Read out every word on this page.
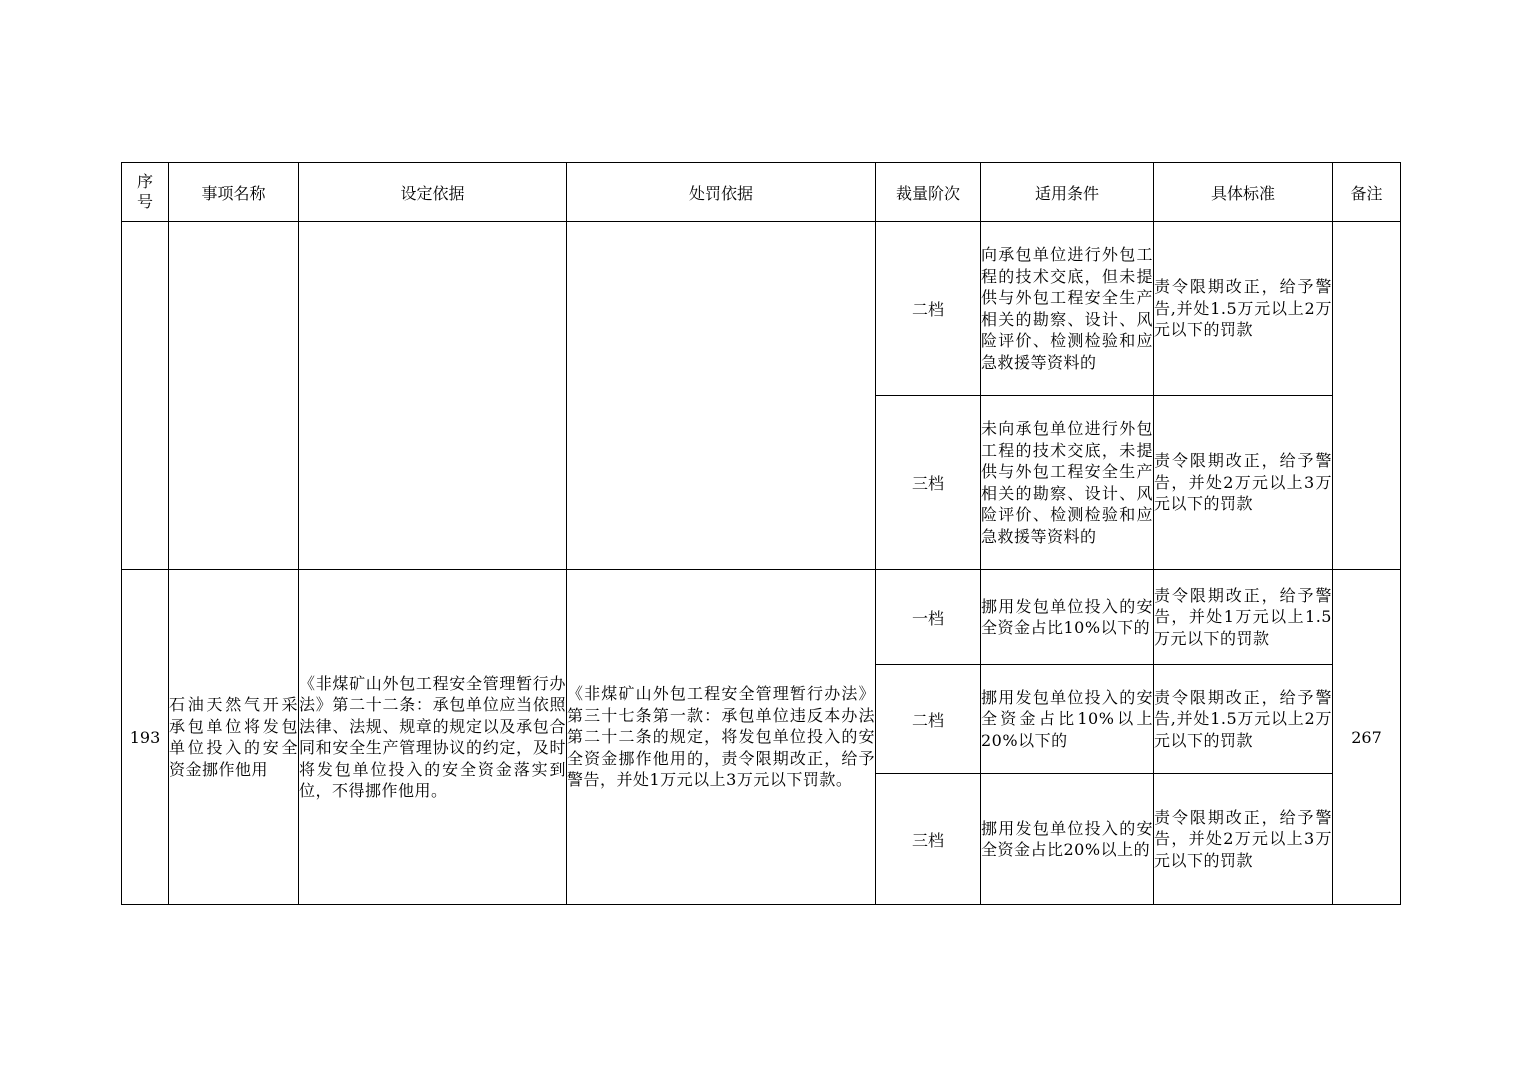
序号	事项名称	设定依据	处罚依据	裁量阶次	适用条件	具体标准	备注
				二档	向承包单位进行外包工程的技术交底，但未提供与外包工程安全生产相关的勘察、设计、风险评价、检测检验和应急救援等资料的	责令限期改正，给予警告,并处1.5万元以上2万元以下的罚款	
				三档	未向承包单位进行外包工程的技术交底，未提供与外包工程安全生产相关的勘察、设计、风险评价、检测检验和应急救援等资料的	责令限期改正，给予警告，并处2万元以上3万元以下的罚款	
193	石油天然气开采承包单位将发包单位投入的安全资金挪作他用	《非煤矿山外包工程安全管理暂行办法》第二十二条：承包单位应当依照法律、法规、规章的规定以及承包合同和安全生产管理协议的约定，及时将发包单位投入的安全资金落实到位，不得挪作他用。	《非煤矿山外包工程安全管理暂行办法》第三十七条第一款：承包单位违反本办法第二十二条的规定，将发包单位投入的安全资金挪作他用的，责令限期改正，给予警告，并处1万元以上3万元以下罚款。	一档	挪用发包单位投入的安全资金占比10%以下的	责令限期改正，给予警告，并处1万元以上1.5万元以下的罚款	267
				二档	挪用发包单位投入的安全资金占比10%以上20%以下的	责令限期改正，给予警告,并处1.5万元以上2万元以下的罚款	
				三档	挪用发包单位投入的安全资金占比20%以上的	责令限期改正，给予警告，并处2万元以上3万元以下的罚款	
